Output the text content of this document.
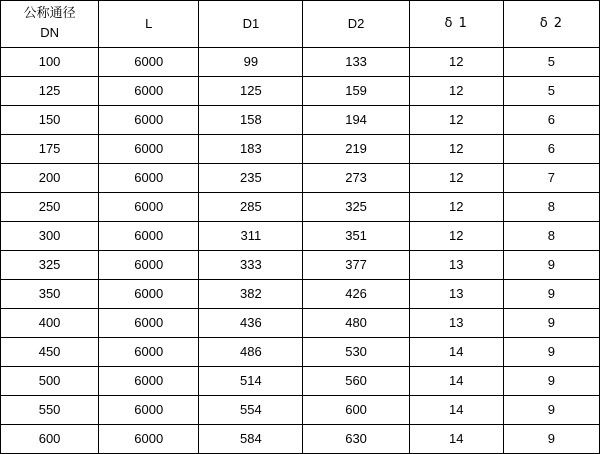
公称通径
DN	L	D1	D2	δ 1	δ 2
100	6000	99	133	12	5
125	6000	125	159	12	5
150	6000	158	194	12	6
175	6000	183	219	12	6
200	6000	235	273	12	7
250	6000	285	325	12	8
300	6000	311	351	12	8
325	6000	333	377	13	9
350	6000	382	426	13	9
400	6000	436	480	13	9
450	6000	486	530	14	9
500	6000	514	560	14	9
550	6000	554	600	14	9
600	6000	584	630	14	9
